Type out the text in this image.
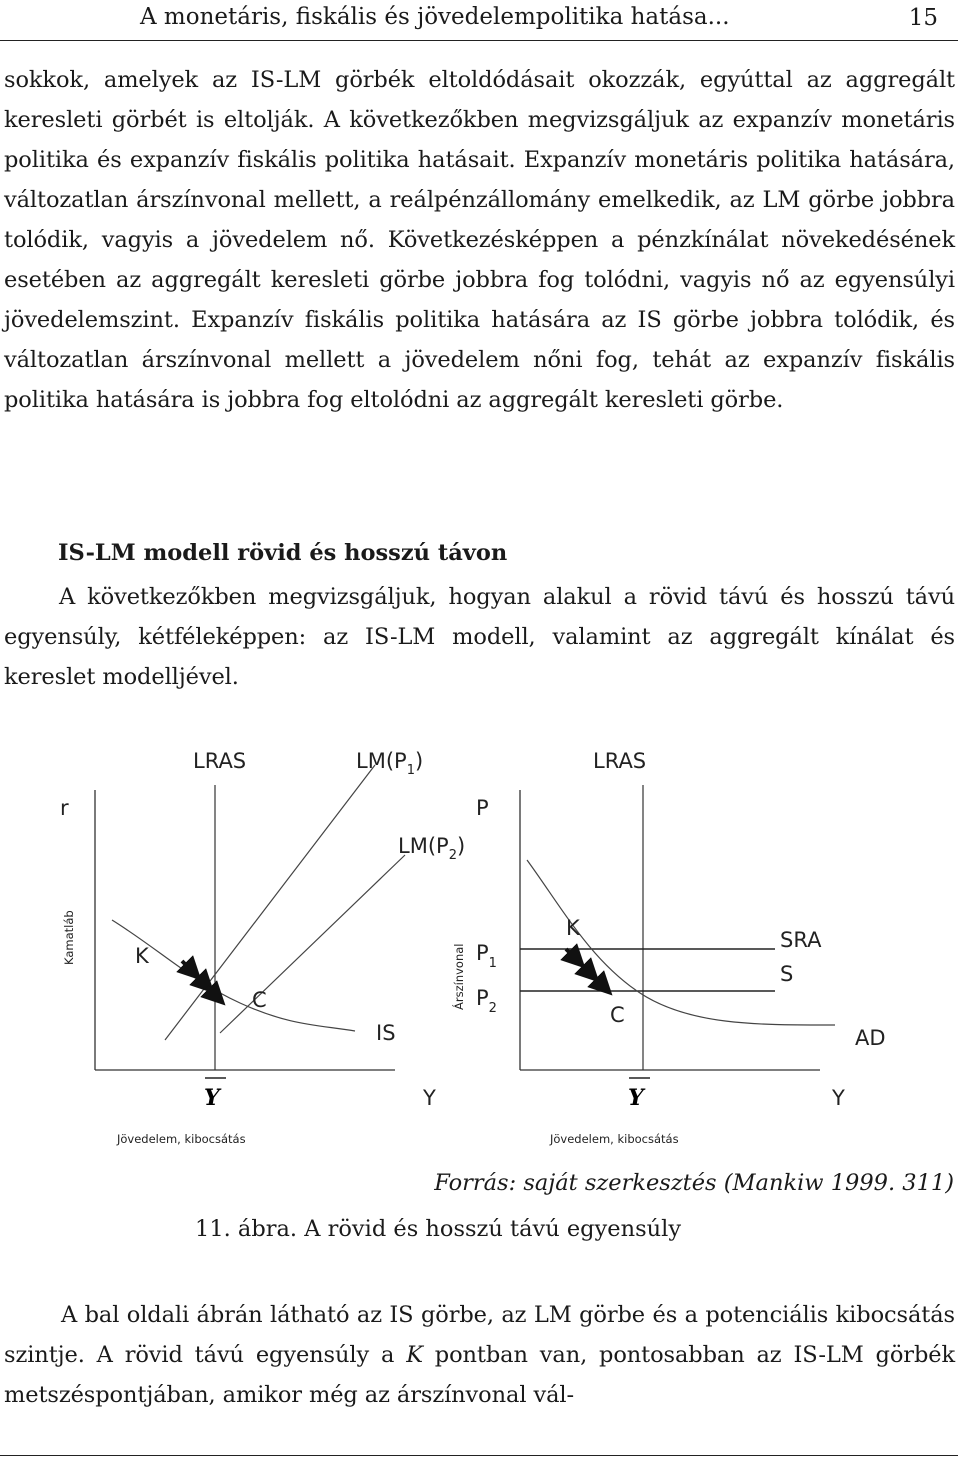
A monetáris, fiskális és jövedelempolitika hatása...	15

sokkok, amelyek az IS-LM görbék eltoldódásait okozzák, egyúttal az aggregált keresleti görbét is eltolják. A következőkben megvizsgáljuk az expanzív monetáris politika és expanzív fiskális politika hatásait. Expanzív monetáris politika hatására, változatlan árszínvonal mellett, a reálpénzállomány emelkedik, az LM görbe jobbra tolódik, vagyis a jövedelem nő. Következésképpen a pénzkínálat növekedésének esetében az aggregált keresleti görbe jobbra fog tolódni, vagyis nő az egyensúlyi jövedelemszint. Expanzív fiskális politika hatására az IS görbe jobbra tolódik, és változatlan árszínvonal mellett a jövedelem nőni fog, tehát az expanzív fiskális politika hatására is jobbra fog eltolódni az aggregált keresleti görbe.

IS-LM modell rövid és hosszú távon

A következőkben megvizsgáljuk, hogyan alakul a rövid távú és hosszú távú egyensúly, kétféleképpen: az IS-LM modell, valamint az aggregált kínálat és kereslet modelljével.

r
Kamatláb
LRAS	$LM(P_1)$
$LM(P_2)$
K
C
IS
Y	Y
Jövedelem, kibocsátás
P
Árszínvonal
LRAS
$P_1$
$P_2$
K
C
SRA
S
AD
Y	Y
Jövedelem, kibocsátás
Forrás: saját szerkesztés (Mankiw 1999. 311)
11. ábra. A rövid és hosszú távú egyensúly

A bal oldali ábrán látható az IS görbe, az LM görbe és a potenciális kibocsátás szintje. A rövid távú egyensúly a K pontban van, pontosabban az IS-LM görbék metszéspontjában, amikor még az árszínvonal vál-
